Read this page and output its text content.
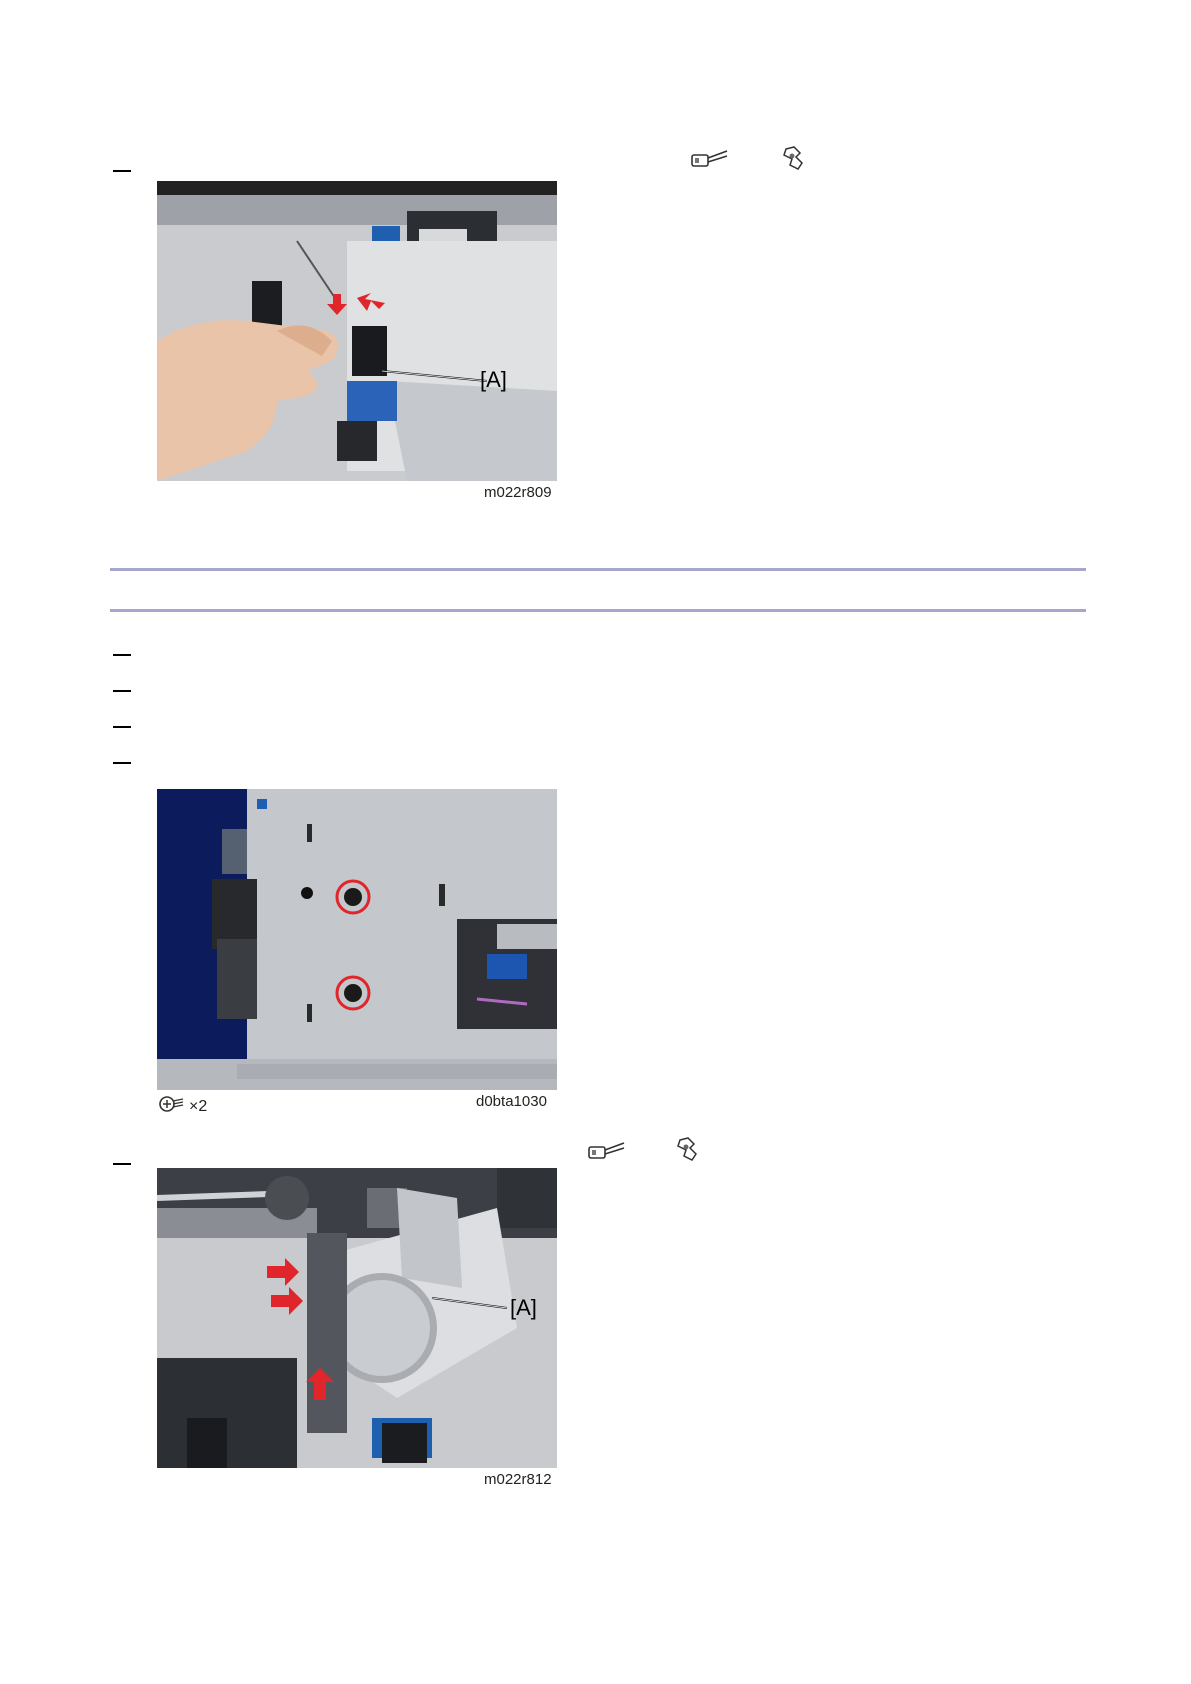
[A]
m022r809
×2	d0bta1030
[A]
m022r812
